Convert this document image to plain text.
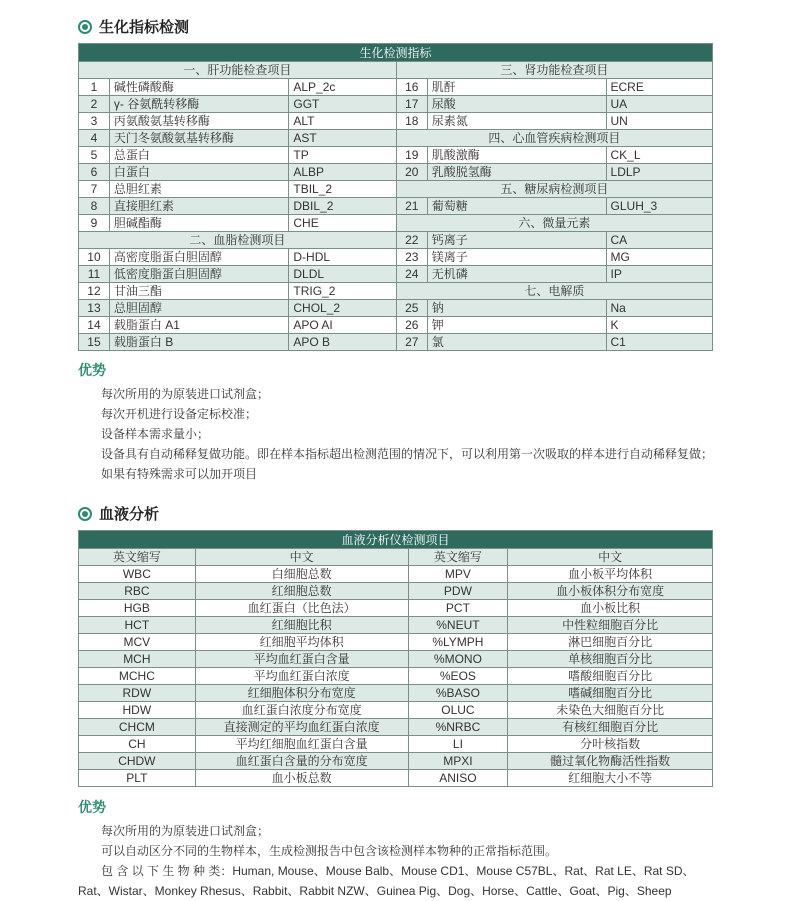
生化指标检测
生化检测指标					
一、肝功能检查项目			三、肾功能检查项目		
1	碱性磷酸酶	ALP_2c	16	肌酐	ECRE
2	γ- 谷氨酰转移酶	GGT	17	尿酸	UA
3	丙氨酸氨基转移酶	ALT	18	尿素氮	UN
4	天门冬氨酸氨基转移酶	AST	四、心血管疾病检测项目		
5	总蛋白	TP	19	肌酸激酶	CK_L
6	白蛋白	ALBP	20	乳酸脱氢酶	LDLP
7	总胆红素	TBIL_2	五、糖尿病检测项目		
8	直接胆红素	DBIL_2	21	葡萄糖	GLUH_3
9	胆碱酯酶	CHE	六、微量元素		
二、血脂检测项目			22	钙离子	CA
10	高密度脂蛋白胆固醇	D-HDL	23	镁离子	MG
11	低密度脂蛋白胆固醇	DLDL	24	无机磷	IP
12	甘油三酯	TRIG_2	七、电解质		
13	总胆固醇	CHOL_2	25	钠	Na
14	载脂蛋白 A1	APO AI	26	钾	K
15	载脂蛋白 B	APO B	27	氯	C1
优势
每次所用的为原装进口试剂盒；
每次开机进行设备定标校准；
设备样本需求量小；
设备具有自动稀释复做功能。即在样本指标超出检测范围的情况下，可以利用第一次吸取的样本进行自动稀释复做；
如果有特殊需求可以加开项目
血液分析
血液分析仪检测项目			
英文缩写	中文	英文缩写	中文
WBC	白细胞总数	MPV	血小板平均体积
RBC	红细胞总数	PDW	血小板体积分布宽度
HGB	血红蛋白（比色法）	PCT	血小板比积
HCT	红细胞比积	%NEUT	中性粒细胞百分比
MCV	红细胞平均体积	%LYMPH	淋巴细胞百分比
MCH	平均血红蛋白含量	%MONO	单核细胞百分比
MCHC	平均血红蛋白浓度	%EOS	嗜酸细胞百分比
RDW	红细胞体积分布宽度	%BASO	嗜碱细胞百分比
HDW	血红蛋白浓度分布宽度	OLUC	未染色大细胞百分比
CHCM	直接测定的平均血红蛋白浓度	%NRBC	有核红细胞百分比
CH	平均红细胞血红蛋白含量	LI	分叶核指数
CHDW	血红蛋白含量的分布宽度	MPXI	髓过氧化物酶活性指数
PLT	血小板总数	ANISO	红细胞大小不等
优势
每次所用的为原装进口试剂盒；
可以自动区分不同的生物样本，生成检测报告中包含该检测样本物种的正常指标范围。
包 含 以 下 生 物 种 类：Human, Mouse、Mouse Balb、Mouse CD1、Mouse C57BL、Rat、Rat LE、Rat SD、
Rat、Wistar、Monkey Rhesus、Rabbit、Rabbit NZW、Guinea Pig、Dog、Horse、Cattle、Goat、Pig、Sheep
